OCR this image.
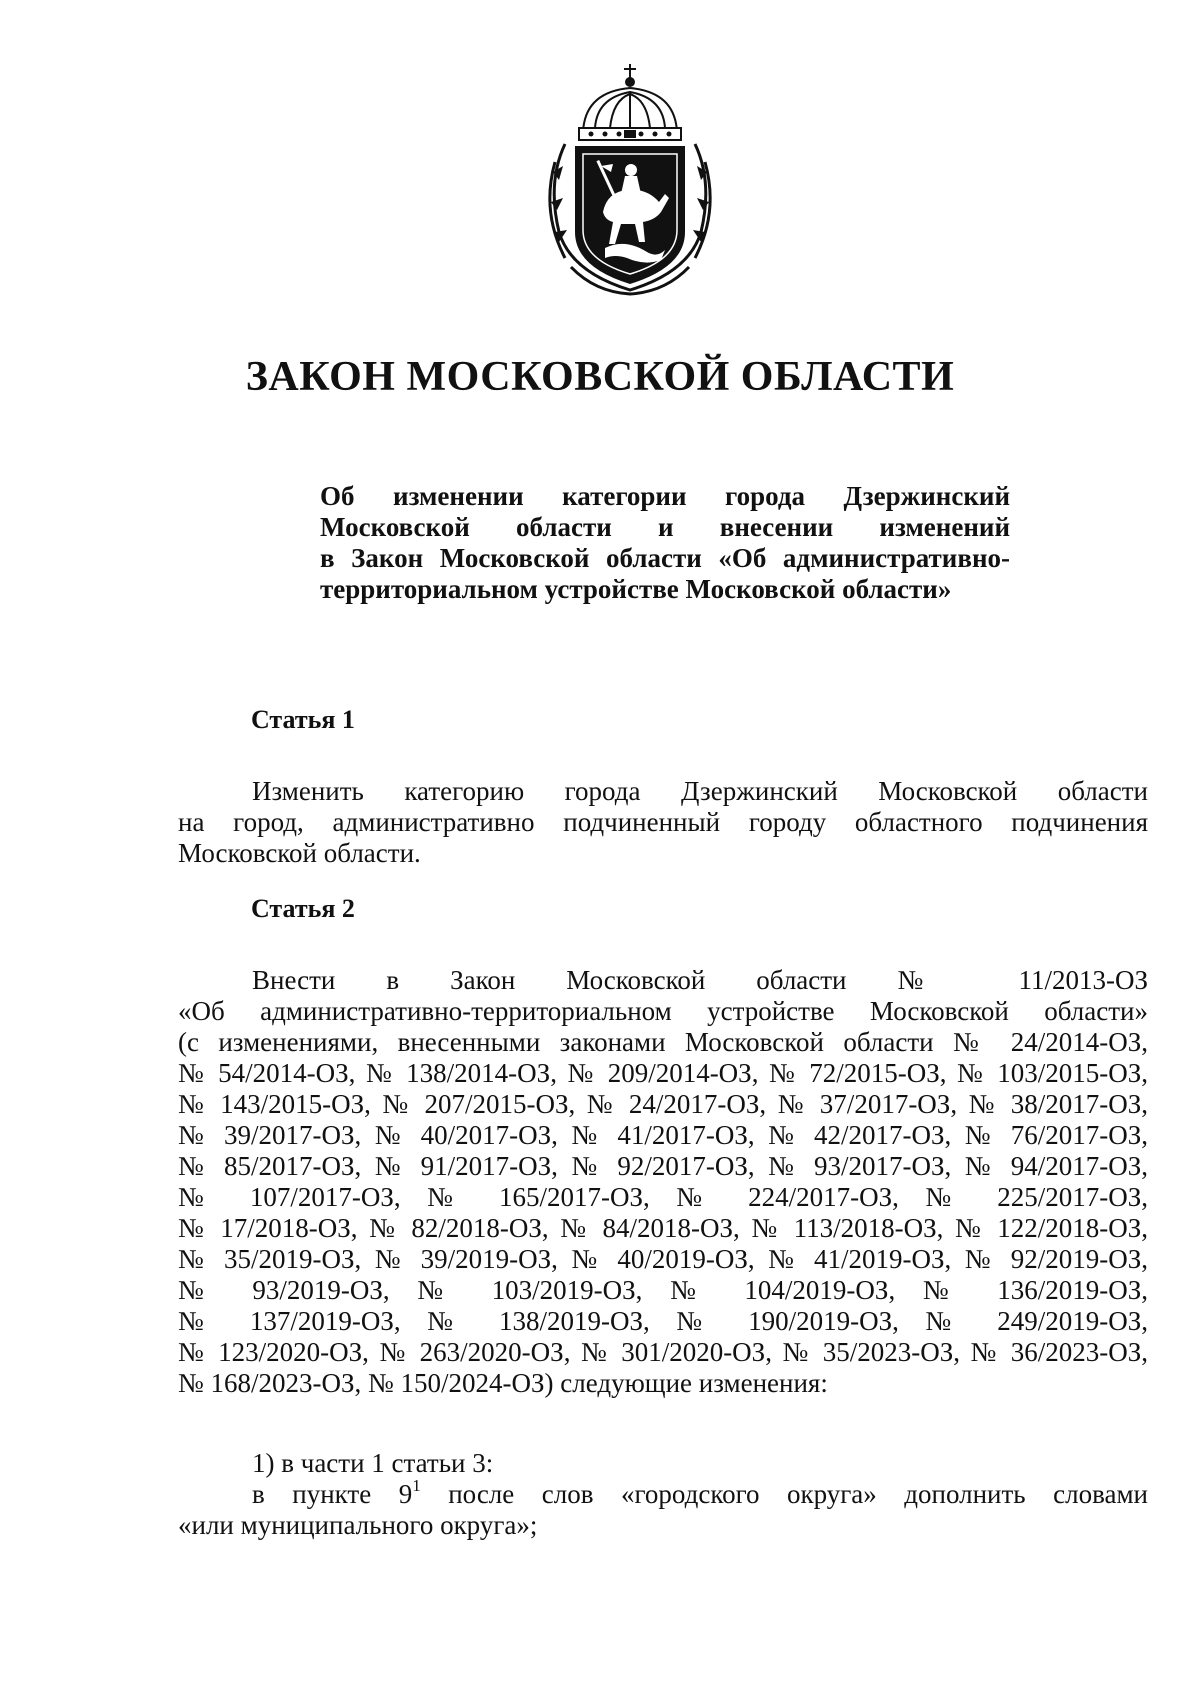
ЗАКОН МОСКОВСКОЙ ОБЛАСТИ
Об изменении категории города Дзержинский
Московской области и внесении изменений
в Закон Московской области «Об административно-
территориальном устройстве Московской области»
Статья 1
Изменить категорию города Дзержинский Московской области
на город, административно подчиненный городу областного подчинения
Московской области.
Статья 2
Внести в Закон Московской области № 11/2013-ОЗ
«Об административно-территориальном устройстве Московской области»
(с изменениями, внесенными законами Московской области № 24/2014-ОЗ,
№ 54/2014-ОЗ, № 138/2014-ОЗ, № 209/2014-ОЗ, № 72/2015-ОЗ, № 103/2015-ОЗ,
№ 143/2015-ОЗ, № 207/2015-ОЗ, № 24/2017-ОЗ, № 37/2017-ОЗ, № 38/2017-ОЗ,
№ 39/2017-ОЗ, № 40/2017-ОЗ, № 41/2017-ОЗ, № 42/2017-ОЗ, № 76/2017-ОЗ,
№ 85/2017-ОЗ, № 91/2017-ОЗ, № 92/2017-ОЗ, № 93/2017-ОЗ, № 94/2017-ОЗ,
№ 107/2017-ОЗ, № 165/2017-ОЗ, № 224/2017-ОЗ, № 225/2017-ОЗ,
№ 17/2018-ОЗ, № 82/2018-ОЗ, № 84/2018-ОЗ, № 113/2018-ОЗ, № 122/2018-ОЗ,
№ 35/2019-ОЗ, № 39/2019-ОЗ, № 40/2019-ОЗ, № 41/2019-ОЗ, № 92/2019-ОЗ,
№ 93/2019-ОЗ, № 103/2019-ОЗ, № 104/2019-ОЗ, № 136/2019-ОЗ,
№ 137/2019-ОЗ, № 138/2019-ОЗ, № 190/2019-ОЗ, № 249/2019-ОЗ,
№ 123/2020-ОЗ, № 263/2020-ОЗ, № 301/2020-ОЗ, № 35/2023-ОЗ, № 36/2023-ОЗ,
№ 168/2023-ОЗ, № 150/2024-ОЗ) следующие изменения:
1) в части 1 статьи 3:
в пункте $9^1$ после слов «городского округа» дополнить словами
«или муниципального округа»;
